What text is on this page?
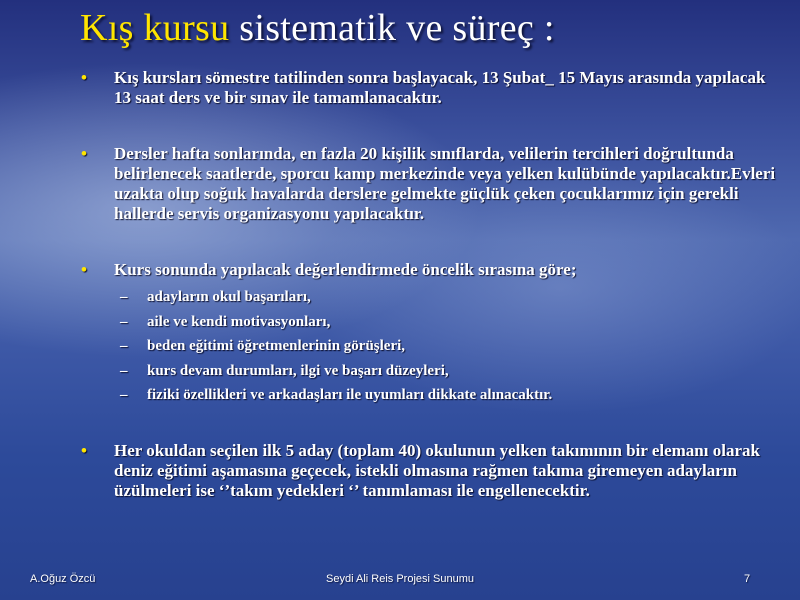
Kış kursu sistematik ve süreç :
• Kış kursları sömestre tatilinden sonra başlayacak, 13 Şubat_ 15 Mayıs arasında yapılacak 13 saat ders ve bir sınav ile tamamlanacaktır.
• Dersler hafta sonlarında, en fazla 20 kişilik sınıflarda, velilerin tercihleri doğrultunda belirlenecek saatlerde, sporcu kamp merkezinde veya yelken kulübünde yapılacaktır.Evleri uzakta olup soğuk havalarda derslere gelmekte güçlük çeken çocuklarımız için gerekli hallerde servis organizasyonu yapılacaktır.
• Kurs sonunda yapılacak değerlendirmede öncelik sırasına göre;
– adayların okul başarıları,
– aile ve kendi motivasyonları,
– beden eğitimi öğretmenlerinin görüşleri,
– kurs devam durumları, ilgi ve başarı düzeyleri,
– fiziki özellikleri ve arkadaşları ile uyumları dikkate alınacaktır.
• Her okuldan seçilen ilk 5 aday (toplam 40) okulunun yelken takımının bir elemanı olarak deniz eğitimi aşamasına geçecek, istekli olmasına rağmen takıma giremeyen adayların üzülmeleri ise ‘’takım yedekleri ‘’ tanımlaması ile engellenecektir.
A.Oğuz Özcü	Seydi Ali Reis Projesi Sunumu	7
